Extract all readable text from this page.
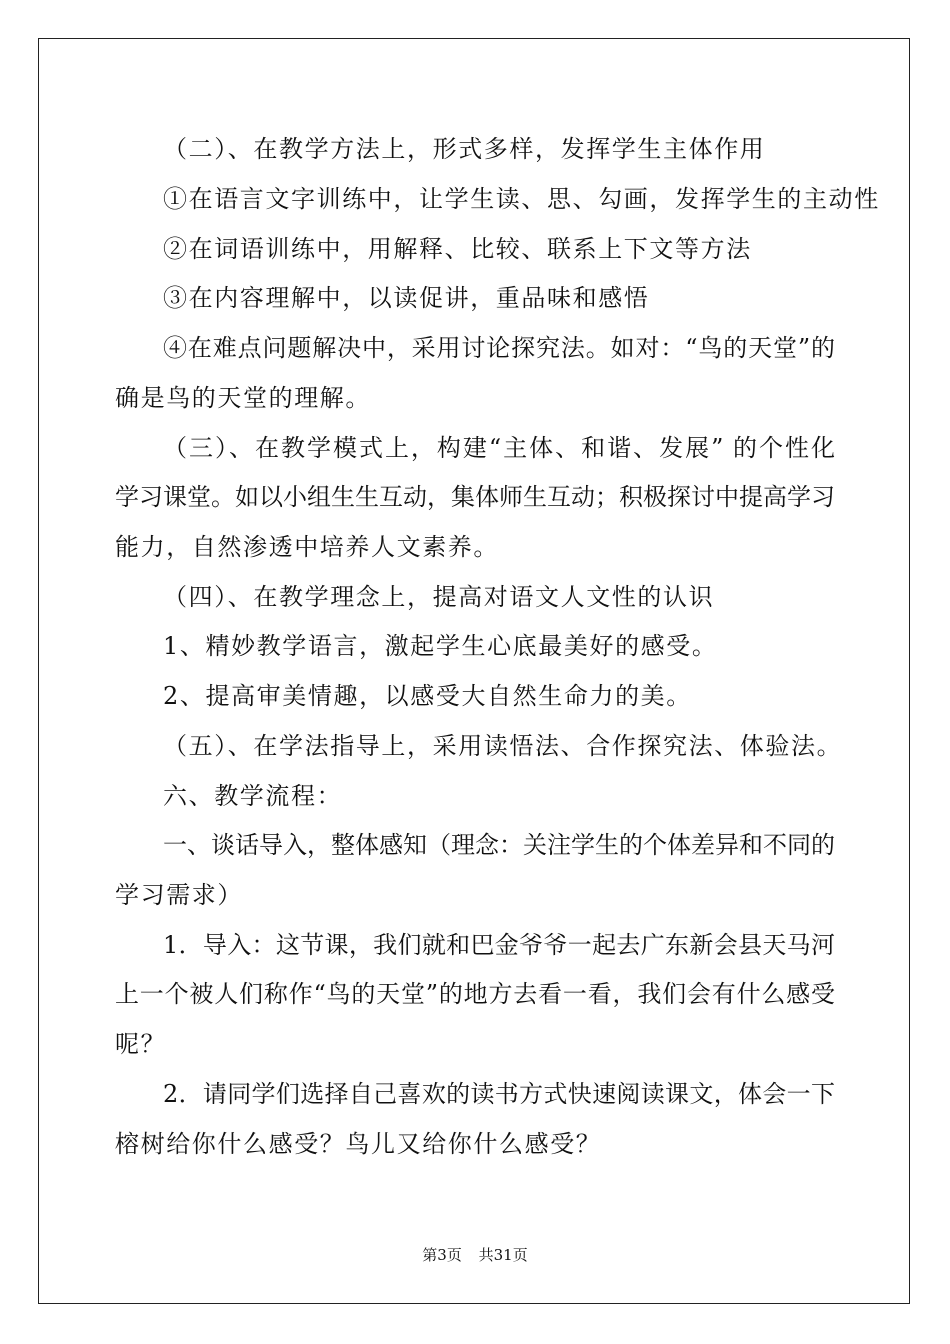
（二）、在教学方法上，形式多样，发挥学生主体作用
①在语言文字训练中，让学生读、思、勾画，发挥学生的主动性
②在词语训练中，用解释、比较、联系上下文等方法
③在内容理解中，以读促讲，重品味和感悟
④在难点问题解决中，采用讨论探究法。如对：“鸟的天堂”的
确是鸟的天堂的理解。
（三）、在教学模式上，构建“主体、和谐、发展” 的个性化
学习课堂。如以小组生生互动，集体师生互动；积极探讨中提高学习
能力，自然渗透中培养人文素养。
（四）、在教学理念上，提高对语文人文性的认识
1、精妙教学语言，激起学生心底最美好的感受。
2、提高审美情趣，以感受大自然生命力的美。
（五）、在学法指导上，采用读悟法、合作探究法、体验法。
六、教学流程：
一、谈话导入，整体感知（理念：关注学生的个体差异和不同的
学习需求）
1．导入：这节课，我们就和巴金爷爷一起去广东新会县天马河
上一个被人们称作“鸟的天堂”的地方去看一看，我们会有什么感受
呢？
2．请同学们选择自己喜欢的读书方式快速阅读课文，体会一下
榕树给你什么感受？鸟儿又给你什么感受？
第3页 共31页
